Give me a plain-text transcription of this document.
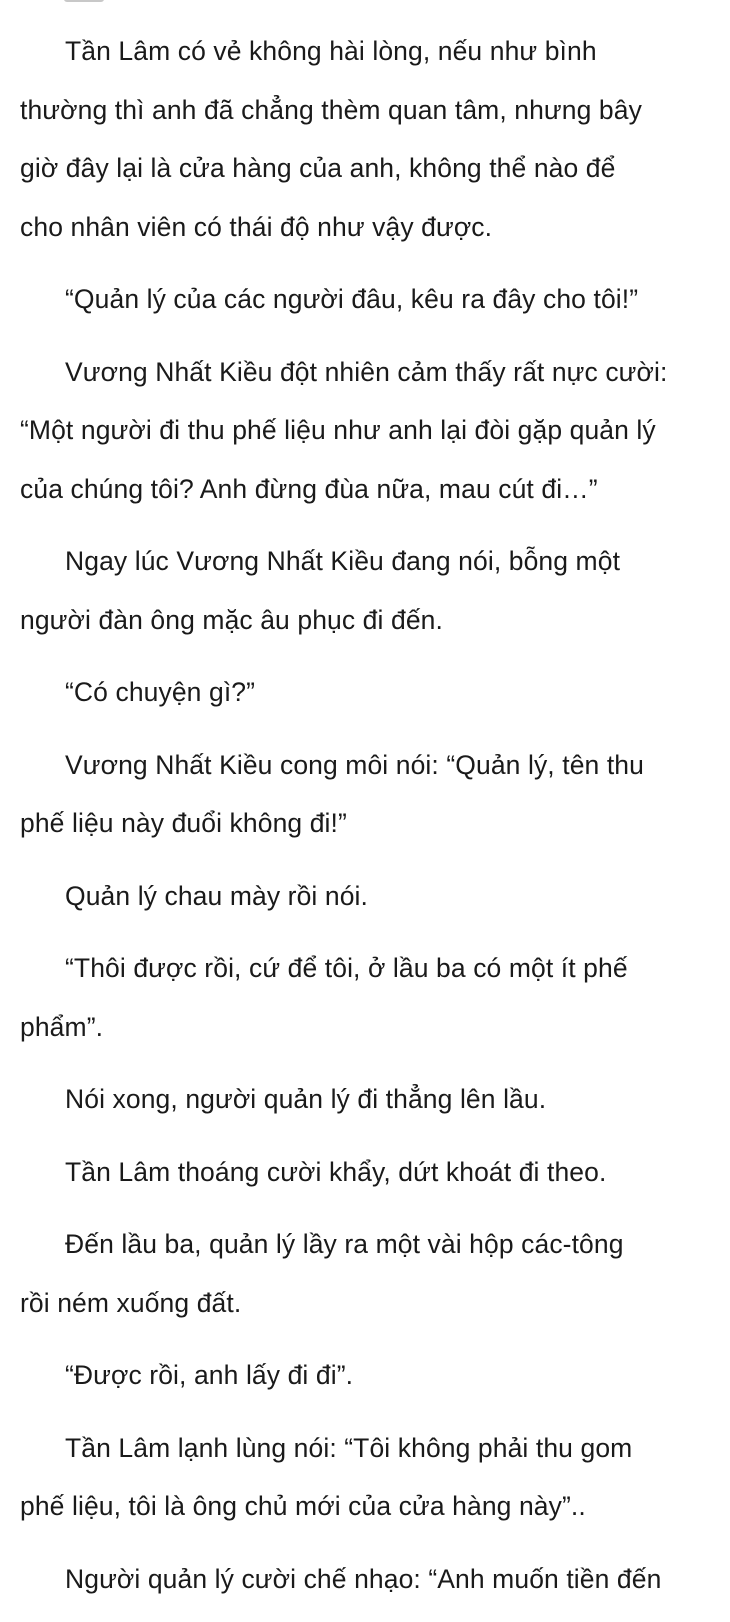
Tần Lâm có vẻ không hài lòng, nếu như bình
thường thì anh đã chẳng thèm quan tâm, nhưng bây
giờ đây lại là cửa hàng của anh, không thể nào để
cho nhân viên có thái độ như vậy được.
“Quản lý của các người đâu, kêu ra đây cho tôi!”
Vương Nhất Kiều đột nhiên cảm thấy rất nực cười:
“Một người đi thu phế liệu như anh lại đòi gặp quản lý
của chúng tôi? Anh đừng đùa nữa, mau cút đi…”
Ngay lúc Vương Nhất Kiều đang nói, bỗng một
người đàn ông mặc âu phục đi đến.
“Có chuyện gì?”
Vương Nhất Kiều cong môi nói: “Quản lý, tên thu
phế liệu này đuổi không đi!”
Quản lý chau mày rồi nói.
“Thôi được rồi, cứ để tôi, ở lầu ba có một ít phế
phẩm”.
Nói xong, người quản lý đi thẳng lên lầu.
Tần Lâm thoáng cười khẩy, dứt khoát đi theo.
Đến lầu ba, quản lý lầy ra một vài hộp các-tông
rồi ném xuống đất.
“Được rồi, anh lấy đi đi”.
Tần Lâm lạnh lùng nói: “Tôi không phải thu gom
phế liệu, tôi là ông chủ mới của cửa hàng này”..
Người quản lý cười chế nhạo: “Anh muốn tiền đến
